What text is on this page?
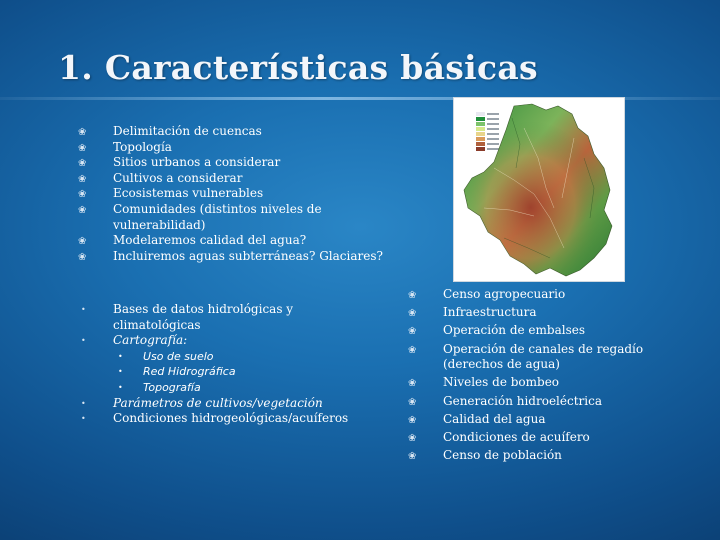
1. Características básicas
❀ Delimitación de cuencas
❀ Topología
❀ Sitios urbanos a considerar
❀ Cultivos a considerar
❀ Ecosistemas vulnerables
❀ Comunidades (distintos niveles de vulnerabilidad)
❀ Modelaremos calidad del agua?
❀ Incluiremos aguas subterráneas? Glaciares?
• Bases de datos hidrológicas y climatológicas
• Cartografía:
• Uso de suelo
• Red Hidrográfica
• Topografía
• Parámetros de cultivos/vegetación
• Condiciones hidrogeológicas/acuíferos
❀ Censo agropecuario
❀ Infraestructura
❀ Operación de embalses
❀ Operación de canales de regadío (derechos de agua)
❀ Niveles de bombeo
❀ Generación hidroeléctrica
❀ Calidad del agua
❀ Condiciones de acuífero
❀ Censo de población
